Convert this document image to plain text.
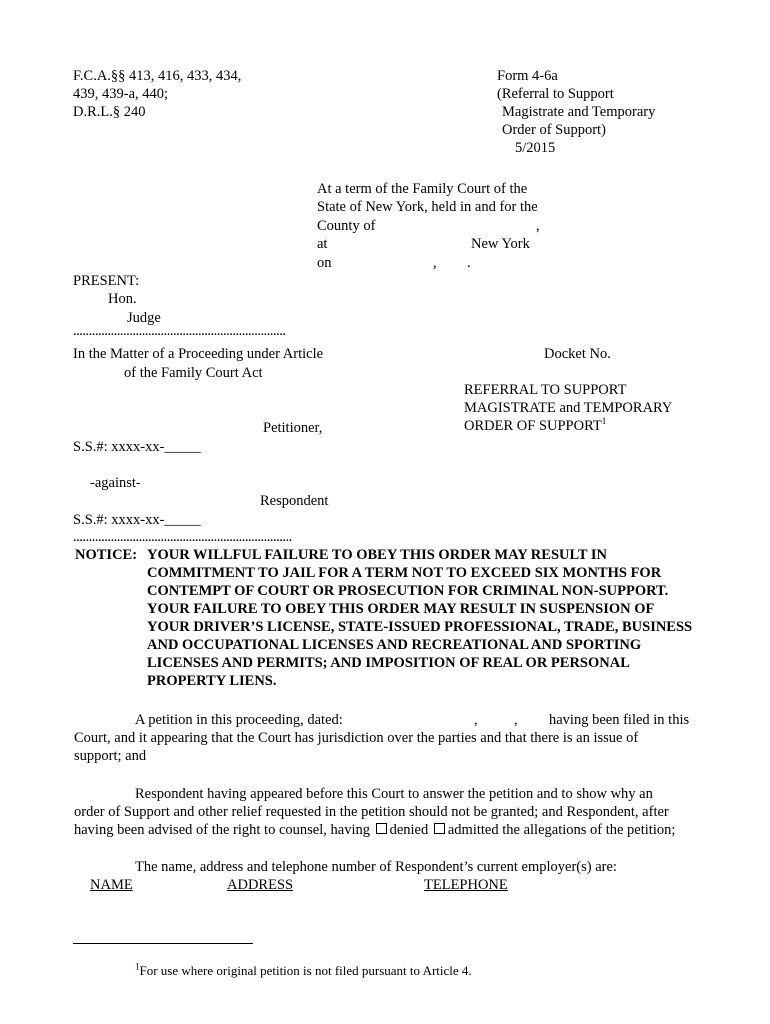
F.C.A.§§ 413, 416, 433, 434,
439, 439-a, 440;
D.R.L.§ 240
Form 4-6a
(Referral to Support
Magistrate and Temporary
Order of Support)
5/2015
At a term of the Family Court of the
State of New York, held in and for the
County of	,
at	New York
on	, .
PRESENT:
Hon.
Judge
....................................................................
In the Matter of a Proceeding under Article
of the Family Court Act
Docket No.
REFERRAL TO SUPPORT
MAGISTRATE and TEMPORARY
ORDER OF SUPPORT$^1$
Petitioner,
S.S.#: xxxx-xx-_____
-against-
Respondent
S.S.#: xxxx-xx-_____
......................................................................
NOTICE: YOUR WILLFUL FAILURE TO OBEY THIS ORDER MAY RESULT IN
COMMITMENT TO JAIL FOR A TERM NOT TO EXCEED SIX MONTHS FOR
CONTEMPT OF COURT OR PROSECUTION FOR CRIMINAL NON-SUPPORT.
YOUR FAILURE TO OBEY THIS ORDER MAY RESULT IN SUSPENSION OF
YOUR DRIVER’S LICENSE, STATE-ISSUED PROFESSIONAL, TRADE, BUSINESS
AND OCCUPATIONAL LICENSES AND RECREATIONAL AND SPORTING
LICENSES AND PERMITS; AND IMPOSITION OF REAL OR PERSONAL
PROPERTY LIENS.
A petition in this proceeding, dated:	,	, having been filed in this
Court, and it appearing that the Court has jurisdiction over the parties and that there is an issue of
support; and
Respondent having appeared before this Court to answer the petition and to show why an
order of Support and other relief requested in the petition should not be granted; and Respondent, after
having been advised of the right to counsel, having denied admitted the allegations of the petition;
The name, address and telephone number of Respondent’s current employer(s) are:
NAME	ADDRESS	TELEPHONE
$^1$For use where original petition is not filed pursuant to Article 4.
